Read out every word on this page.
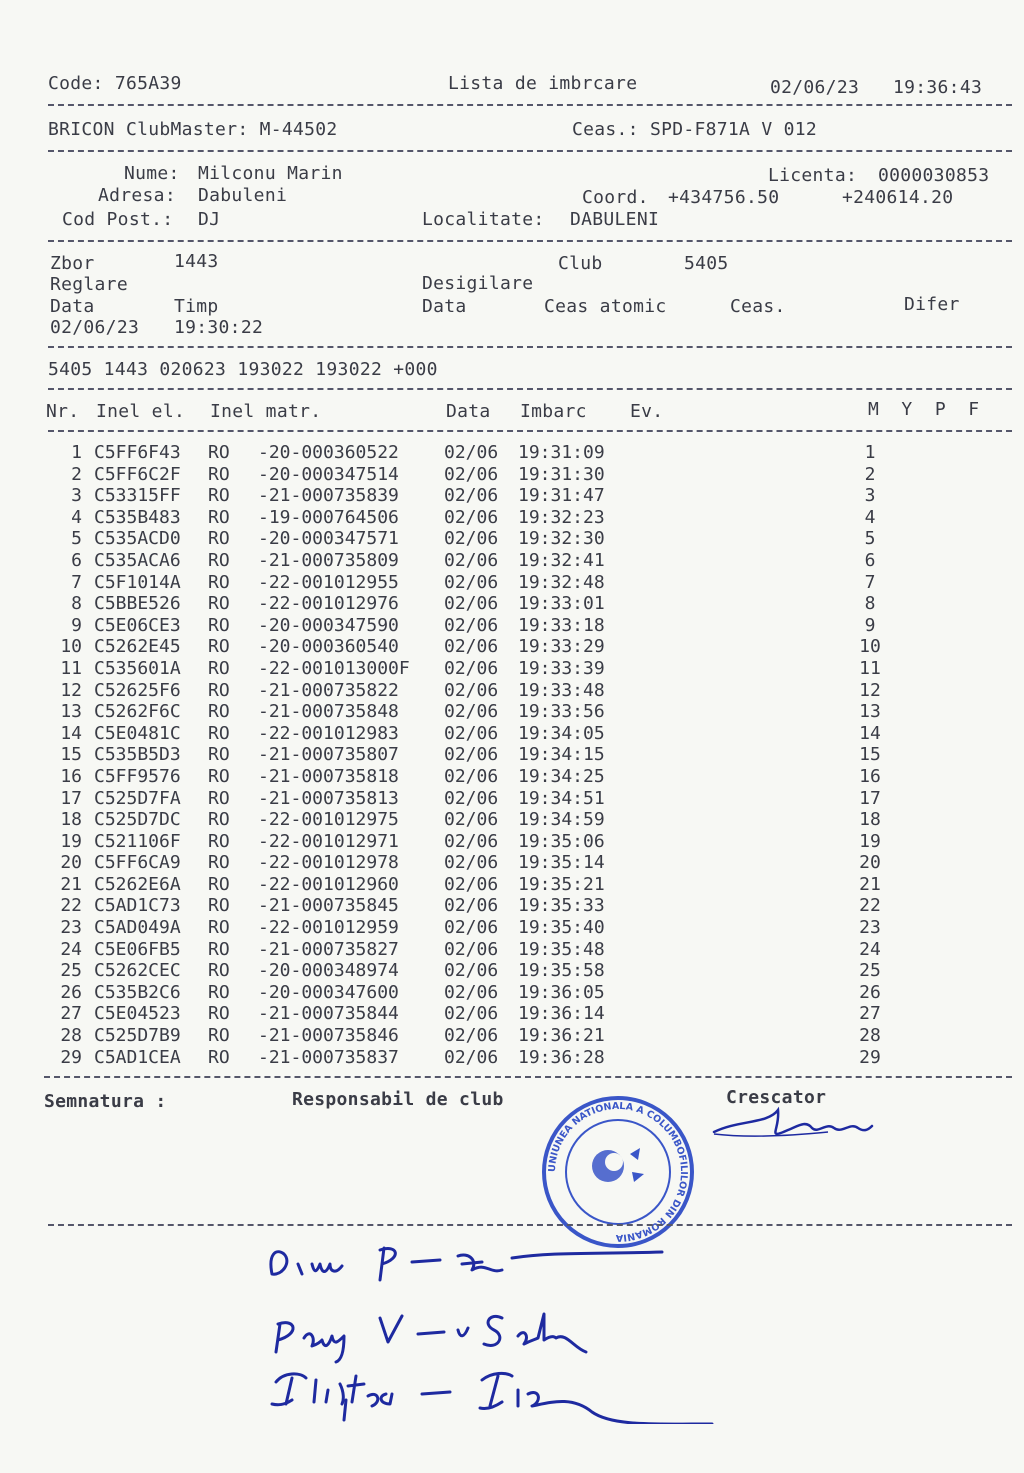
Code: 765A39	Lista de imbrcare	02/06/23 19:36:43
BRICON ClubMaster: M-44502	Ceas.: SPD-F871A V 012
Nume: Milconu Marin	Licenta: 0000030853
Adresa: Dabuleni	Coord. +434756.50	+240614.20
Cod Post.: DJ	Localitate: DABULENI
Zbor	1443	Club	5405
Reglare	Desigilare
Data	Timp	Data	Ceas atomic	Ceas.	Difer
02/06/23 19:30:22
5405 1443 020623 193022 193022 +000
Nr. Inel el. Inel matr.	Data Imbarc Ev.	M  Y  P  F
1 C5FF6F43 RO -20-000360522	02/06 19:31:09	1
2 C5FF6C2F RO -20-000347514	02/06 19:31:30	2
3 C53315FF RO -21-000735839	02/06 19:31:47	3
4 C535B483 RO -19-000764506	02/06 19:32:23	4
5 C535ACD0 RO -20-000347571	02/06 19:32:30	5
6 C535ACA6 RO -21-000735809	02/06 19:32:41	6
7 C5F1014A RO -22-001012955	02/06 19:32:48	7
8 C5BBE526 RO -22-001012976	02/06 19:33:01	8
9 C5E06CE3 RO -20-000347590	02/06 19:33:18	9
10 C5262E45 RO -20-000360540	02/06 19:33:29	10
11 C535601A RO -22-001013000F 02/06 19:33:39	11
12 C52625F6 RO -21-000735822	02/06 19:33:48	12
13 C5262F6C RO -21-000735848	02/06 19:33:56	13
14 C5E0481C RO -22-001012983	02/06 19:34:05	14
15 C535B5D3 RO -21-000735807	02/06 19:34:15	15
16 C5FF9576 RO -21-000735818	02/06 19:34:25	16
17 C525D7FA RO -21-000735813	02/06 19:34:51	17
18 C525D7DC RO -22-001012975	02/06 19:34:59	18
19 C521106F RO -22-001012971	02/06 19:35:06	19
20 C5FF6CA9 RO -22-001012978	02/06 19:35:14	20
21 C5262E6A RO -22-001012960	02/06 19:35:21	21
22 C5AD1C73 RO -21-000735845	02/06 19:35:33	22
23 C5AD049A RO -22-001012959	02/06 19:35:40	23
24 C5E06FB5 RO -21-000735827	02/06 19:35:48	24
25 C5262CEC RO -20-000348974	02/06 19:35:58	25
26 C535B2C6 RO -20-000347600	02/06 19:36:05	26
27 C5E04523 RO -21-000735844	02/06 19:36:14	27
28 C525D7B9 RO -21-000735846	02/06 19:36:21	28
29 C5AD1CEA RO -21-000735837	02/06 19:36:28	29
Semnatura :	Responsabil de club	Crescator
UNIUNEA NATIONALA A COLUMBOFILILOR DIN ROMANIA
